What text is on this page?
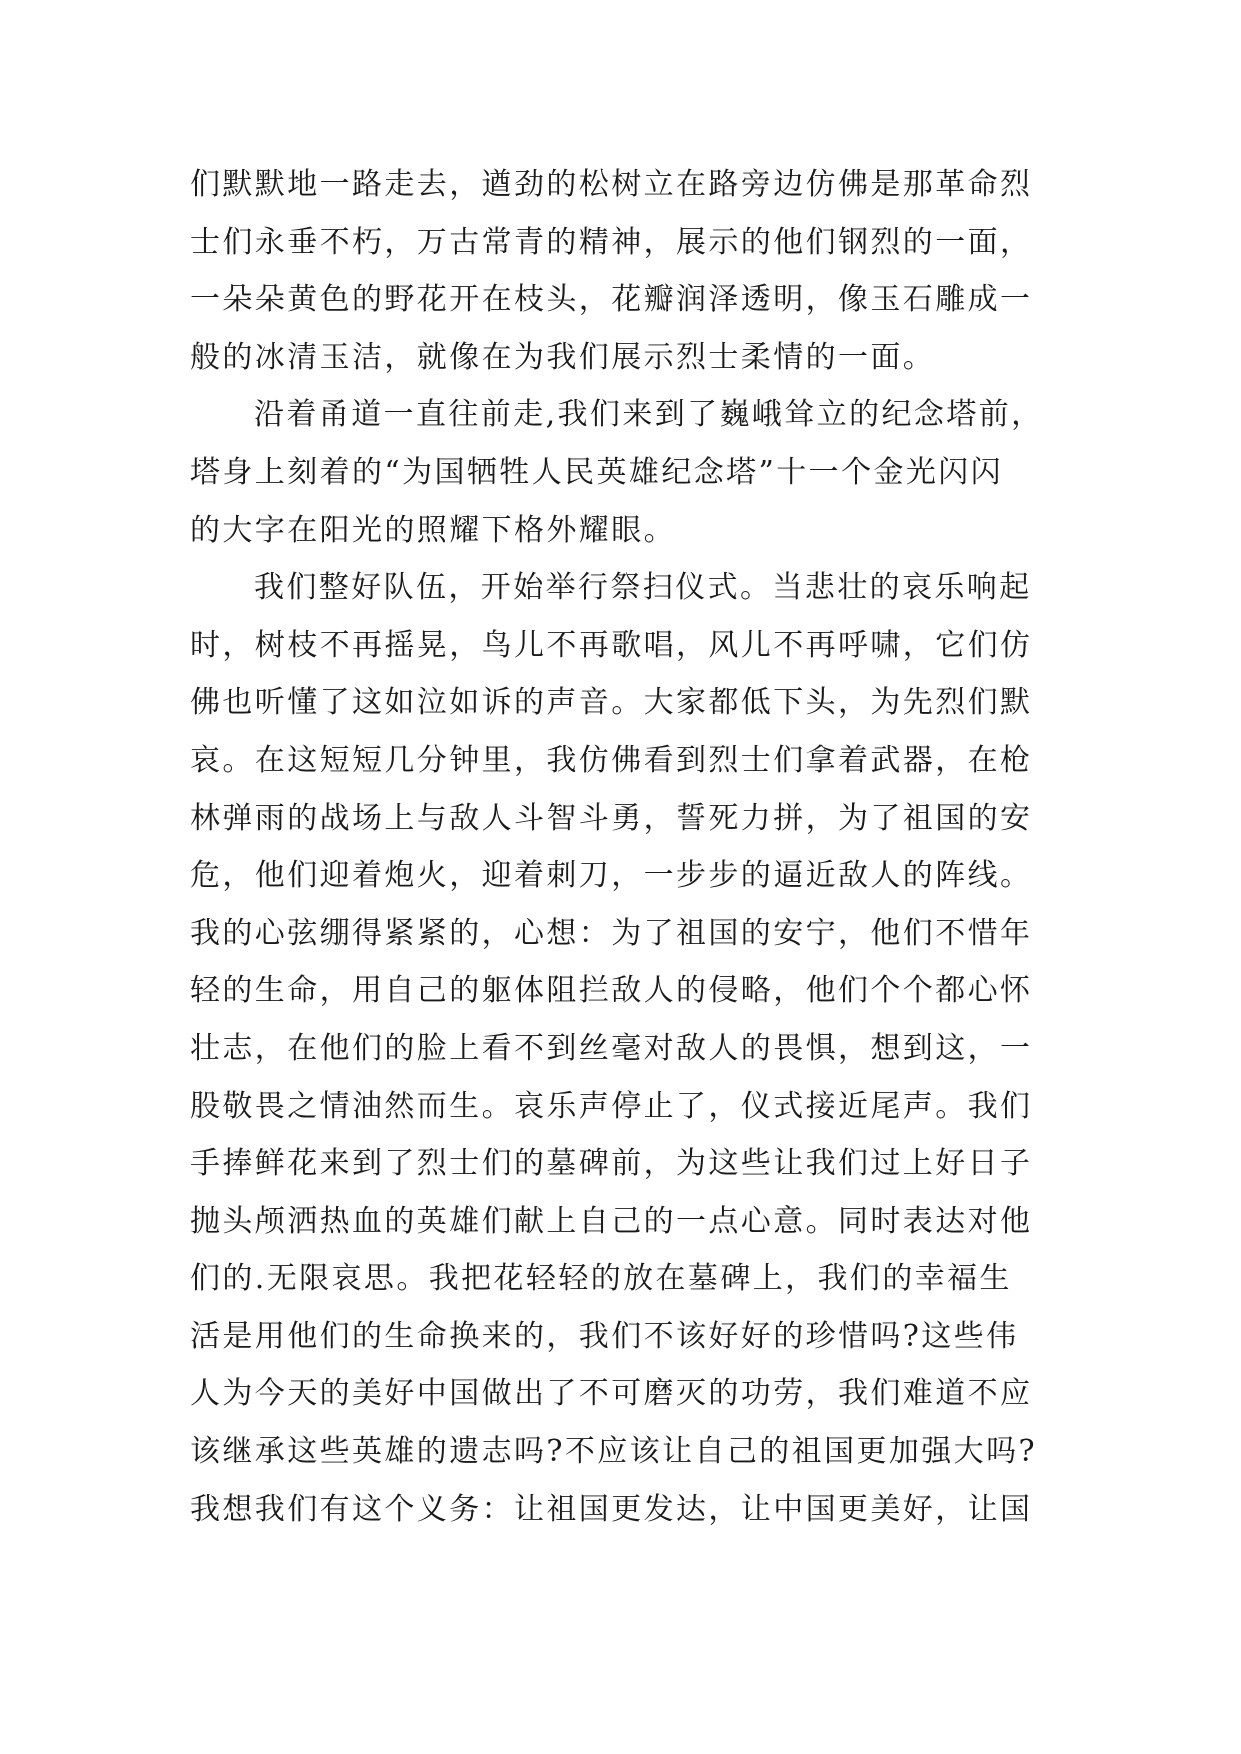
们默默地一路走去，遒劲的松树立在路旁边仿佛是那革命烈
士们永垂不朽，万古常青的精神，展示的他们钢烈的一面，
一朵朵黄色的野花开在枝头，花瓣润泽透明，像玉石雕成一
般的冰清玉洁，就像在为我们展示烈士柔情的一面。
沿着甬道一直往前走,我们来到了巍峨耸立的纪念塔前，
塔身上刻着的“为国牺牲人民英雄纪念塔”十一个金光闪闪
的大字在阳光的照耀下格外耀眼。
我们整好队伍，开始举行祭扫仪式。当悲壮的哀乐响起
时，树枝不再摇晃，鸟儿不再歌唱，风儿不再呼啸，它们仿
佛也听懂了这如泣如诉的声音。大家都低下头，为先烈们默
哀。在这短短几分钟里，我仿佛看到烈士们拿着武器，在枪
林弹雨的战场上与敌人斗智斗勇，誓死力拼，为了祖国的安
危，他们迎着炮火，迎着刺刀，一步步的逼近敌人的阵线。
我的心弦绷得紧紧的，心想：为了祖国的安宁，他们不惜年
轻的生命，用自己的躯体阻拦敌人的侵略，他们个个都心怀
壮志，在他们的脸上看不到丝毫对敌人的畏惧，想到这，一
股敬畏之情油然而生。哀乐声停止了，仪式接近尾声。我们
手捧鲜花来到了烈士们的墓碑前，为这些让我们过上好日子
抛头颅洒热血的英雄们献上自己的一点心意。同时表达对他
们的.无限哀思。我把花轻轻的放在墓碑上，我们的幸福生
活是用他们的生命换来的，我们不该好好的珍惜吗?这些伟
人为今天的美好中国做出了不可磨灭的功劳，我们难道不应
该继承这些英雄的遗志吗?不应该让自己的祖国更加强大吗?
我想我们有这个义务：让祖国更发达，让中国更美好，让国
